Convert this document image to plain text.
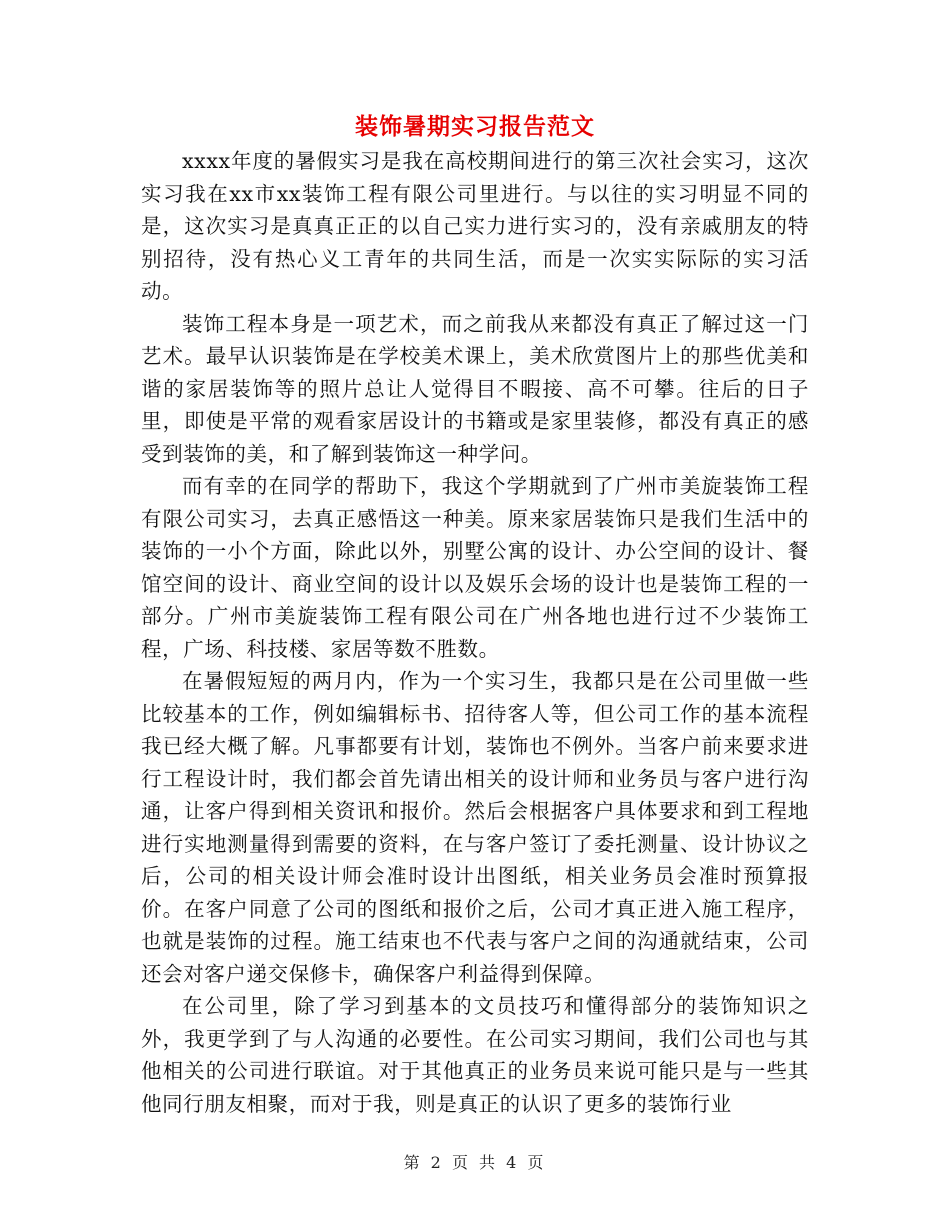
装饰暑期实习报告范文

xxxx年度的暑假实习是我在高校期间进行的第三次社会实习，这次实习我在xx市xx装饰工程有限公司里进行。与以往的实习明显不同的是，这次实习是真真正正的以自己实力进行实习的，没有亲戚朋友的特别招待，没有热心义工青年的共同生活，而是一次实实际际的实习活动。

装饰工程本身是一项艺术，而之前我从来都没有真正了解过这一门艺术。最早认识装饰是在学校美术课上，美术欣赏图片上的那些优美和谐的家居装饰等的照片总让人觉得目不暇接、高不可攀。往后的日子里，即使是平常的观看家居设计的书籍或是家里装修，都没有真正的感受到装饰的美，和了解到装饰这一种学问。

而有幸的在同学的帮助下，我这个学期就到了广州市美旋装饰工程有限公司实习，去真正感悟这一种美。原来家居装饰只是我们生活中的装饰的一小个方面，除此以外，别墅公寓的设计、办公空间的设计、餐馆空间的设计、商业空间的设计以及娱乐会场的设计也是装饰工程的一部分。广州市美旋装饰工程有限公司在广州各地也进行过不少装饰工程，广场、科技楼、家居等数不胜数。

在暑假短短的两月内，作为一个实习生，我都只是在公司里做一些比较基本的工作，例如编辑标书、招待客人等，但公司工作的基本流程我已经大概了解。凡事都要有计划，装饰也不例外。当客户前来要求进行工程设计时，我们都会首先请出相关的设计师和业务员与客户进行沟通，让客户得到相关资讯和报价。然后会根据客户具体要求和到工程地进行实地测量得到需要的资料，在与客户签订了委托测量、设计协议之后，公司的相关设计师会准时设计出图纸，相关业务员会准时预算报价。在客户同意了公司的图纸和报价之后，公司才真正进入施工程序，也就是装饰的过程。施工结束也不代表与客户之间的沟通就结束，公司还会对客户递交保修卡，确保客户利益得到保障。

在公司里，除了学习到基本的文员技巧和懂得部分的装饰知识之外，我更学到了与人沟通的必要性。在公司实习期间，我们公司也与其他相关的公司进行联谊。对于其他真正的业务员来说可能只是与一些其他同行朋友相聚，而对于我，则是真正的认识了更多的装饰行业

第 2 页 共 4 页
